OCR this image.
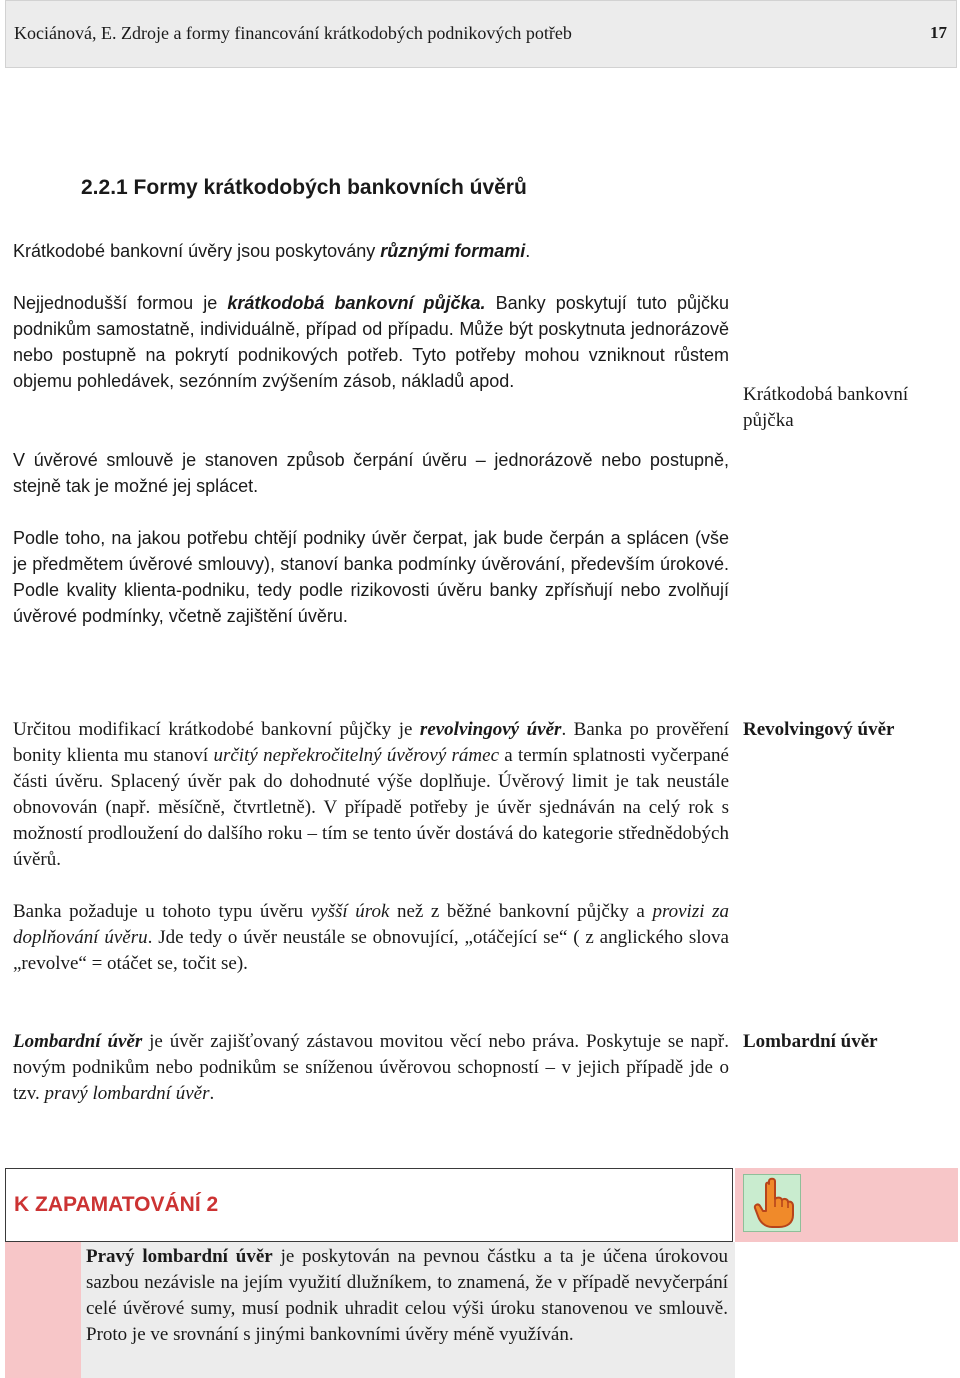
Kociánová, E. Zdroje a formy financování krátkodobých podnikových potřeb	17
2.2.1 Formy krátkodobých bankovních úvěrů

Krátkodobé bankovní úvěry jsou poskytovány různými formami.

Nejjednodušší formou je krátkodobá bankovní půjčka. Banky poskytují tuto půjčku podnikům samostatně, individuálně, případ od případu. Může být poskytnuta jednorázově nebo postupně na pokrytí podnikových potřeb. Tyto potřeby mohou vzniknout růstem objemu pohledávek, sezónním zvýšením zásob, nákladů apod.

V úvěrové smlouvě je stanoven způsob čerpání úvěru – jednorázově nebo postupně, stejně tak je možné jej splácet.

Podle toho, na jakou potřebu chtějí podniky úvěr čerpat, jak bude čerpán a splácen (vše je předmětem úvěrové smlouvy), stanoví banka podmínky úvěrování, především úrokové. Podle kvality klienta-podniku, tedy podle rizikovosti úvěru banky zpřísňují nebo zvolňují úvěrové podmínky, včetně zajištění úvěru.

Krátkodobá bankovní půjčka

Určitou modifikací krátkodobé bankovní půjčky je revolvingový úvěr. Banka po prověření bonity klienta mu stanoví určitý nepřekročitelný úvěrový rámec a termín splatnosti vyčerpané části úvěru. Splacený úvěr pak do dohodnuté výše doplňuje. Úvěrový limit je tak neustále obnovován (např. měsíčně, čtvrtletně). V případě potřeby je úvěr sjednáván na celý rok s možností prodloužení do dalšího roku – tím se tento úvěr dostává do kategorie střednědobých úvěrů.

Banka požaduje u tohoto typu úvěru vyšší úrok než z běžné bankovní půjčky a provizi za doplňování úvěru. Jde tedy o úvěr neustále se obnovující, „otáčející se“ ( z anglického slova „revolve“ = otáčet se, točit se).

Revolvingový úvěr

Lombardní úvěr je úvěr zajišťovaný zástavou movitou věcí nebo práva. Poskytuje se např. novým podnikům nebo podnikům se sníženou úvěrovou schopností – v jejich případě jde o tzv. pravý lombardní úvěr.

Lombardní úvěr
K ZAPAMATOVÁNÍ 2
Pravý lombardní úvěr je poskytován na pevnou částku a ta je účena úrokovou sazbou nezávisle na jejím využití dlužníkem, to znamená, že v případě nevyčerpání celé úvěrové sumy, musí podnik uhradit celou výši úroku stanovenou ve smlouvě. Proto je ve srovnání s jinými bankovními úvěry méně využíván.
